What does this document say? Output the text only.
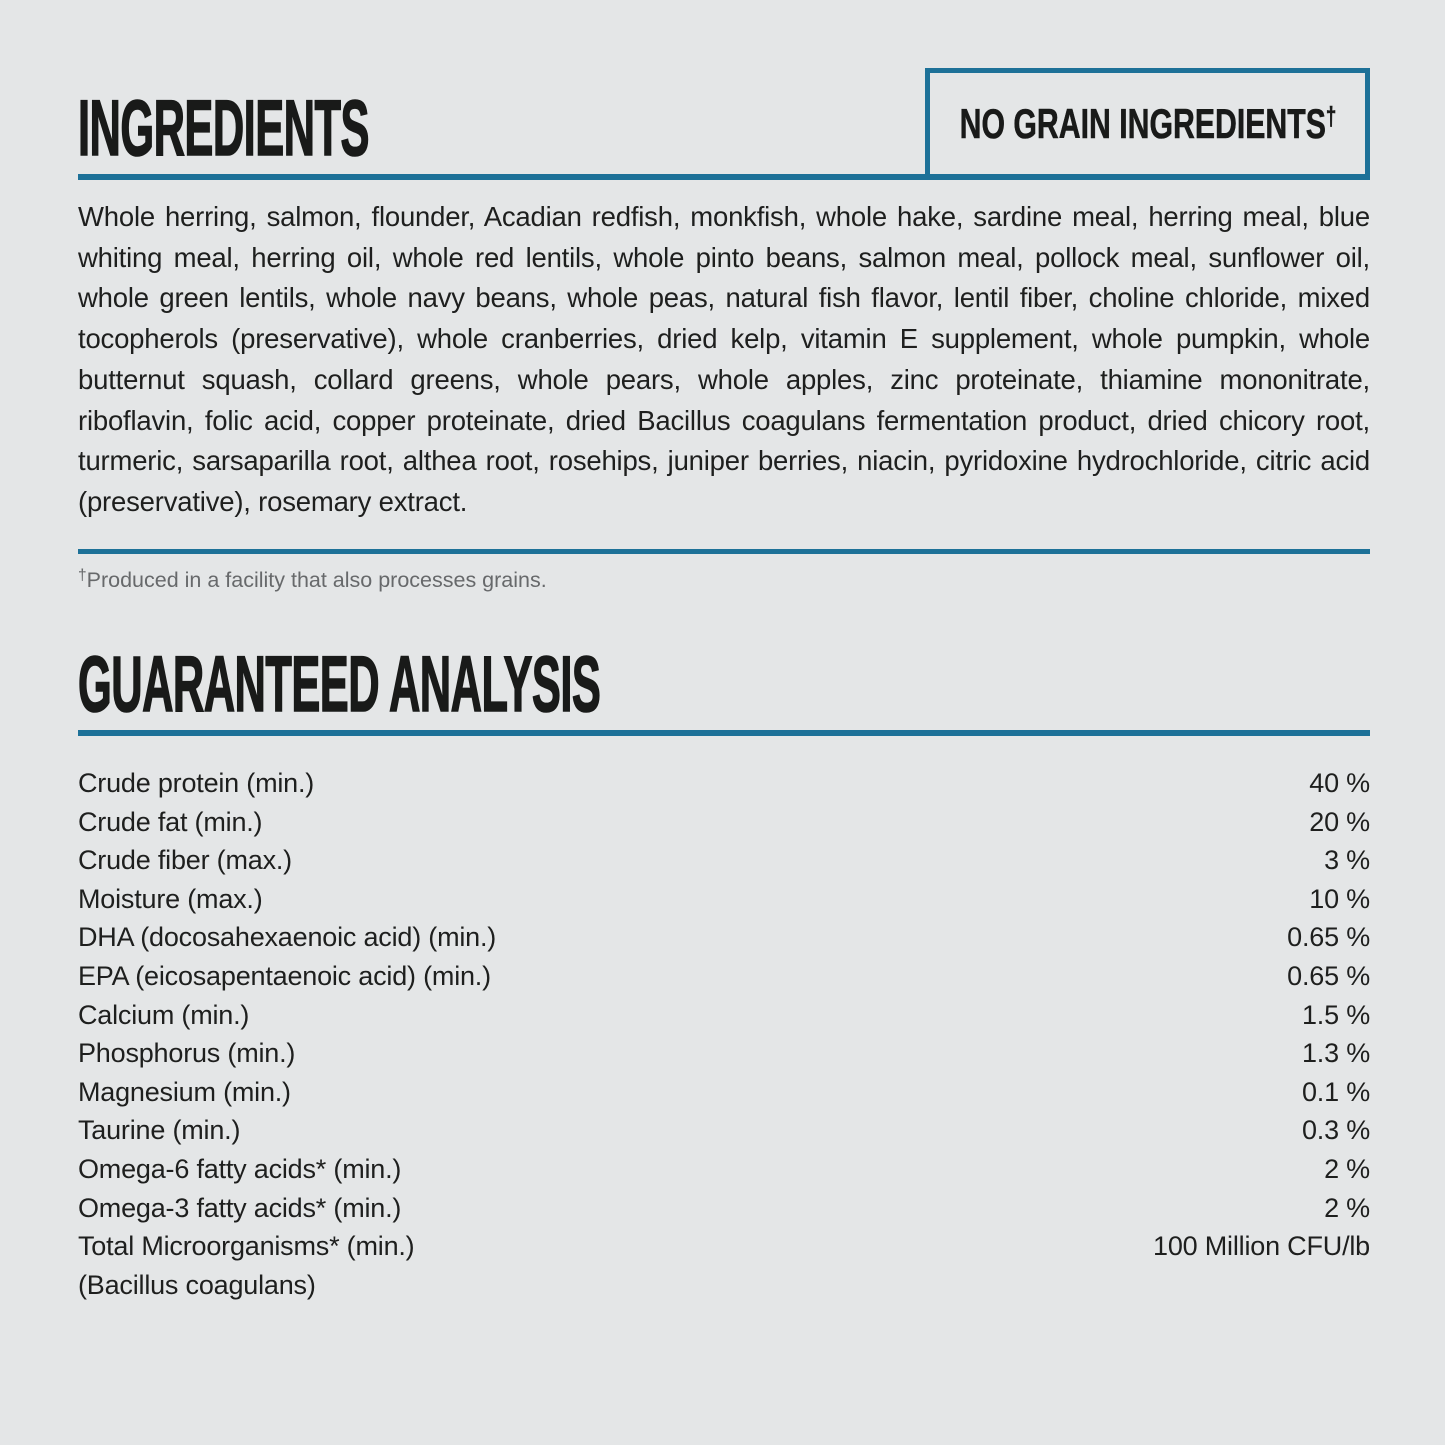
INGREDIENTS	NO GRAIN INGREDIENTS†

Whole herring, salmon, flounder, Acadian redfish, monkfish, whole hake, sardine meal, herring meal, blue whiting meal, herring oil, whole red lentils, whole pinto beans, salmon meal, pollock meal, sunflower oil, whole green lentils, whole navy beans, whole peas, natural fish flavor, lentil fiber, choline chloride, mixed tocopherols (preservative), whole cranberries, dried kelp, vitamin E supplement, whole pumpkin, whole butternut squash, collard greens, whole pears, whole apples, zinc proteinate, thiamine mononitrate, riboflavin, folic acid, copper proteinate, dried Bacillus coagulans fermentation product, dried chicory root, turmeric, sarsaparilla root, althea root, rosehips, juniper berries, niacin, pyridoxine hydrochloride, citric acid (preservative), rosemary extract.

†Produced in a facility that also processes grains.
GUARANTEED ANALYSIS
Crude protein (min.)	40 %
Crude fat (min.)	20 %
Crude fiber (max.)	3 %
Moisture (max.)	10 %
DHA (docosahexaenoic acid) (min.)	0.65 %
EPA (eicosapentaenoic acid) (min.)	0.65 %
Calcium (min.)	1.5 %
Phosphorus (min.)	1.3 %
Magnesium (min.)	0.1 %
Taurine (min.)	0.3 %
Omega-6 fatty acids* (min.)	2 %
Omega-3 fatty acids* (min.)	2 %
Total Microorganisms* (min.)	100 Million CFU/lb
(Bacillus coagulans)
